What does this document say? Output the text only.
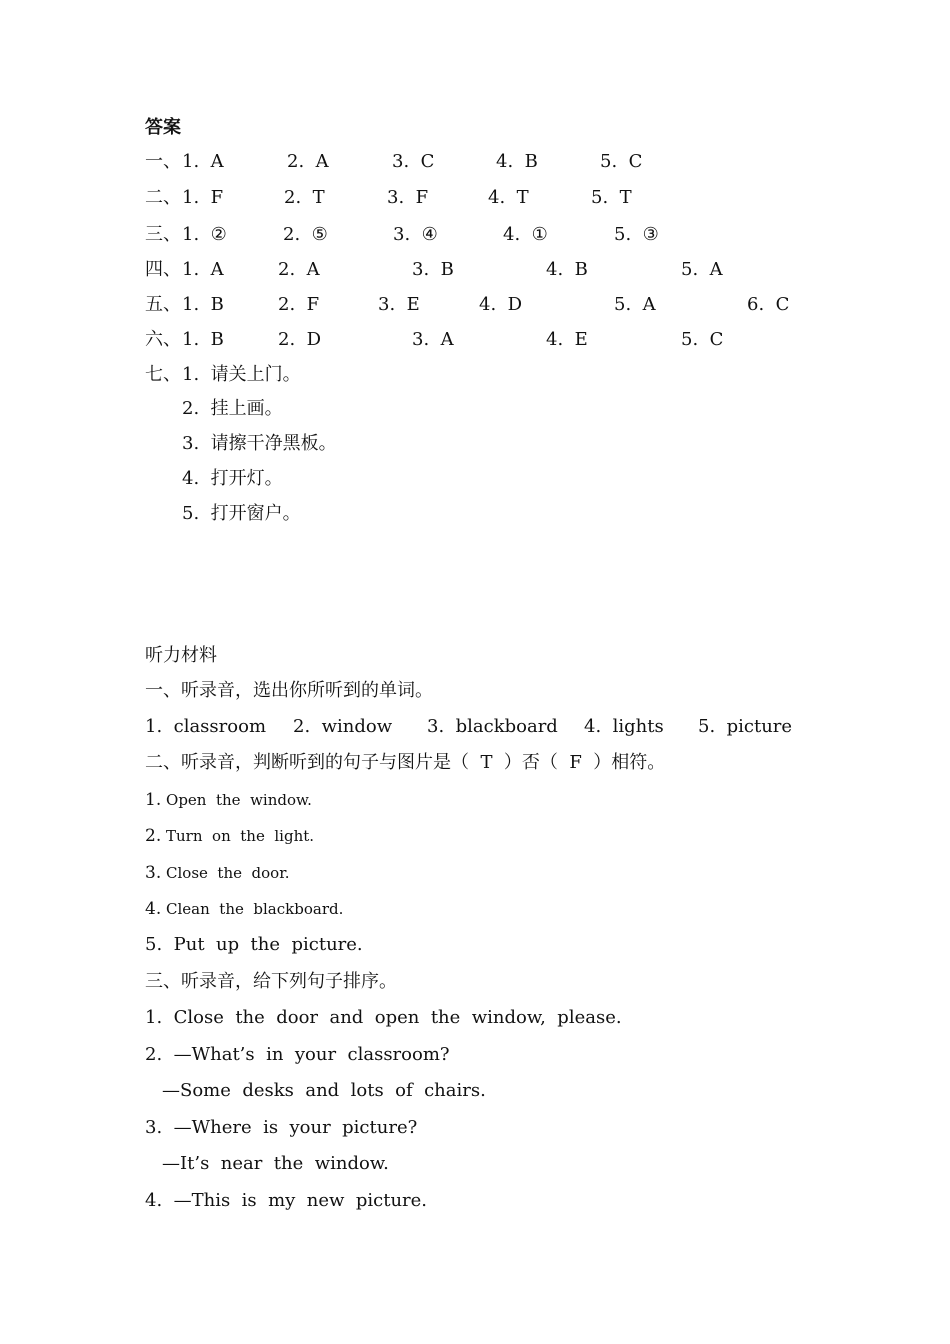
答案
一、 1.  A	2.  A	3.  C	4.  B	5.  C
二、 1.  F	2.  T	3.  F	4.  T	5.  T
三、 1.  ②	2.  ⑤	3.  ④	4.  ①	5.  ③
四、 1.  A	2.  A	3.  B	4.  B	5.  A
五、 1.  B	2.  F	3.  E	4.  D	5.  A	6.  C
六、 1.  B	2.  D	3.  A	4.  E	5.  C
七、 1.  请关上门。
2.  挂上画。
3.  请擦干净黑板。
4.  打开灯。
5.  打开窗户。
听力材料
一、听录音，选出你所听到的单词。
1.  classroom 2.  window 3.  blackboard 4.  lights 5.  picture
二、听录音，判断听到的句子与图片是（  T  ）否（  F  ）相符。
1. Open  the  window.
2. Turn  on  the  light.
3. Close  the  door.
4. Clean  the  blackboard.
5.  Put  up  the  picture.
三、听录音，给下列句子排序。
1.  Close  the  door  and  open  the  window,  please.
2.  —What’s  in  your  classroom?
—Some  desks  and  lots  of  chairs.
3.  —Where  is  your  picture?
—It’s  near  the  window.
4.  —This  is  my  new  picture.
